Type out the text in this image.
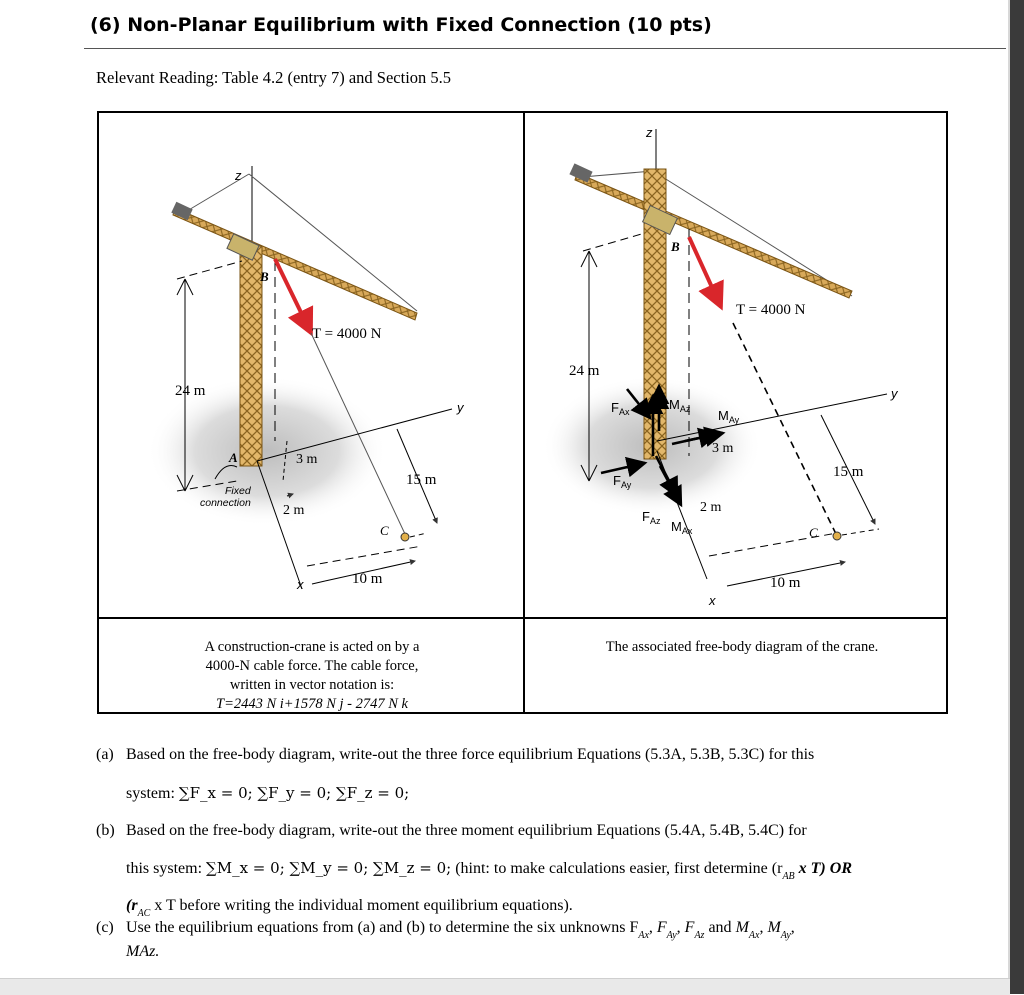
(6) Non-Planar Equilibrium with Fixed Connection (10 pts)
Relevant Reading: Table 4.2 (entry 7) and Section 5.5
z
y
x
B
A
C
T = 4000 N
24 m
3 m
2 m
15 m
10 m
Fixed
connection
z
y
x
B
C
T = 4000 N
24 m
3 m
2 m
15 m
10 m
$F_{Ax}$
$F_{Ay}$
$F_{Az}$
$M_{Az}$ $M_{Ay}$
$M_{Ax}$
A construction-crane is acted on by a
4000-N cable force. The cable force,
written in vector notation is:
T=2443 N i+1578 N j - 2747 N k
The associated free-body diagram of the crane.
(a) Based on the free-body diagram, write-out the three force equilibrium Equations (5.3A, 5.3B, 5.3C) for this
system: ∑F_x = 0; ∑F_y = 0; ∑F_z = 0;
(b) Based on the free-body diagram, write-out the three moment equilibrium Equations (5.4A, 5.4B, 5.4C) for
this system: ∑M_x = 0; ∑M_y = 0; ∑M_z = 0; (hint: to make calculations easier, first determine ($r_{AB}$ x T) OR
($r_{AC}$ x T before writing the individual moment equilibrium equations).
(c) Use the equilibrium equations from (a) and (b) to determine the six unknowns $F_{Ax}$, $F_{Ay}$, $F_{Az}$ and $M_{Ax}$, $M_{Ay}$,
MAz.
